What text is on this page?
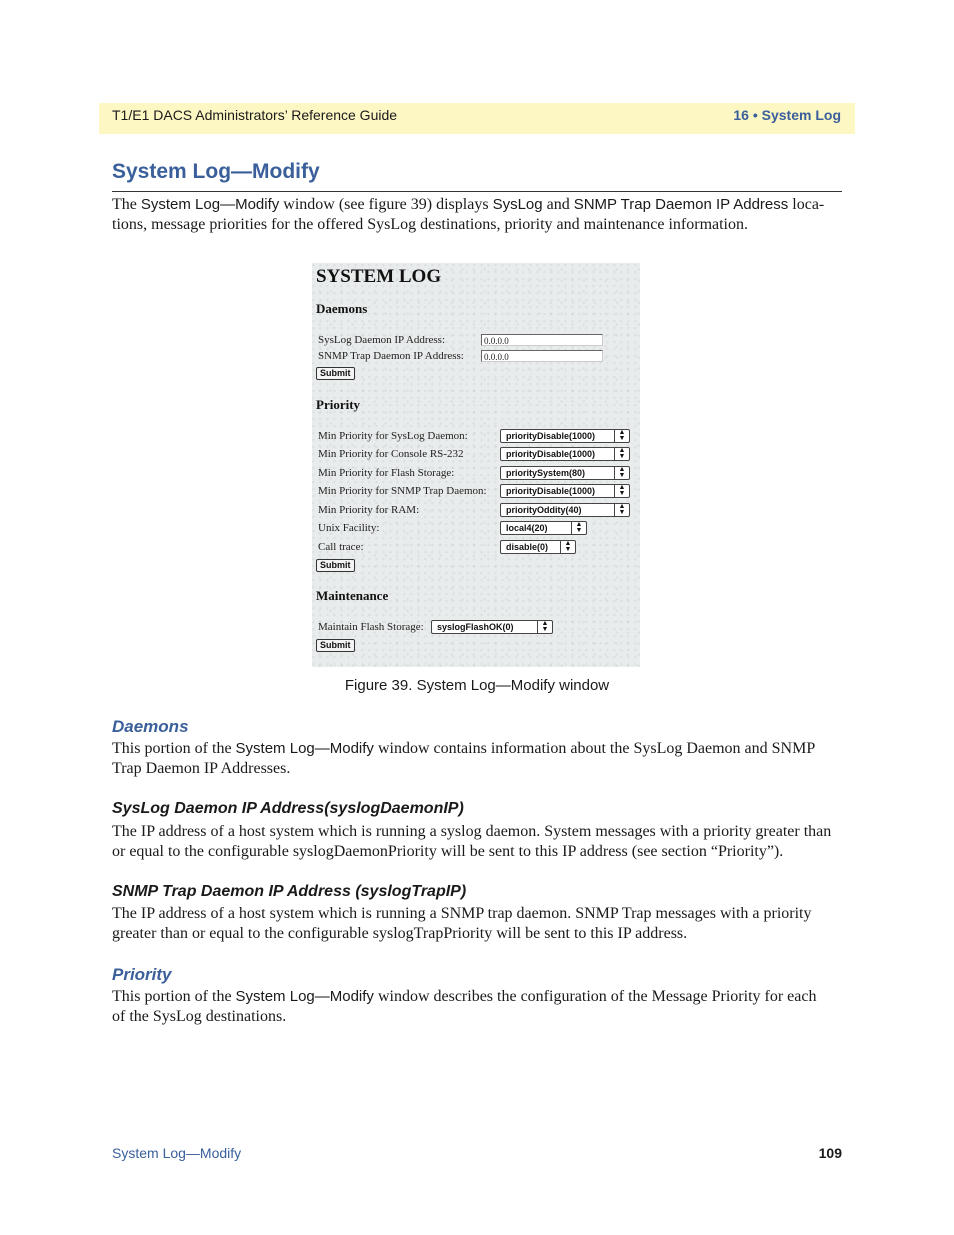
T1/E1 DACS Administrators’ Reference Guide	16 • System Log
System Log—Modify

The System Log—Modify window (see figure 39) displays SysLog and SNMP Trap Daemon IP Address loca-
tions, message priorities for the offered SysLog destinations, priority and maintenance information.

SYSTEM LOG
Daemons
SysLog Daemon IP Address:	0.0.0.0
SNMP Trap Daemon IP Address:	0.0.0.0
Submit
Priority
Min Priority for SysLog Daemon:	priorityDisable(1000)	▲
▼
Min Priority for Console RS-232	priorityDisable(1000)	▲
▼
Min Priority for Flash Storage:	prioritySystem(80)	▲
▼
Min Priority for SNMP Trap Daemon:	priorityDisable(1000)	▲
▼
Min Priority for RAM:	priorityOddity(40)	▲
▼
Unix Facility:	local4(20)	▲
▼
Call trace:	disable(0)	▲
▼
Submit
Maintenance
Maintain Flash Storage:	syslogFlashOK(0)	▲
▼
Submit
Figure 39. System Log—Modify window
Daemons

This portion of the System Log—Modify window contains information about the SysLog Daemon and SNMP
Trap Daemon IP Addresses.

SysLog Daemon IP Address(syslogDaemonIP)

The IP address of a host system which is running a syslog daemon. System messages with a priority greater than
or equal to the configurable syslogDaemonPriority will be sent to this IP address (see section “Priority”).

SNMP Trap Daemon IP Address (syslogTrapIP)

The IP address of a host system which is running a SNMP trap daemon. SNMP Trap messages with a priority
greater than or equal to the configurable syslogTrapPriority will be sent to this IP address.

Priority

This portion of the System Log—Modify window describes the configuration of the Message Priority for each
of the SysLog destinations.

System Log—Modify	109
